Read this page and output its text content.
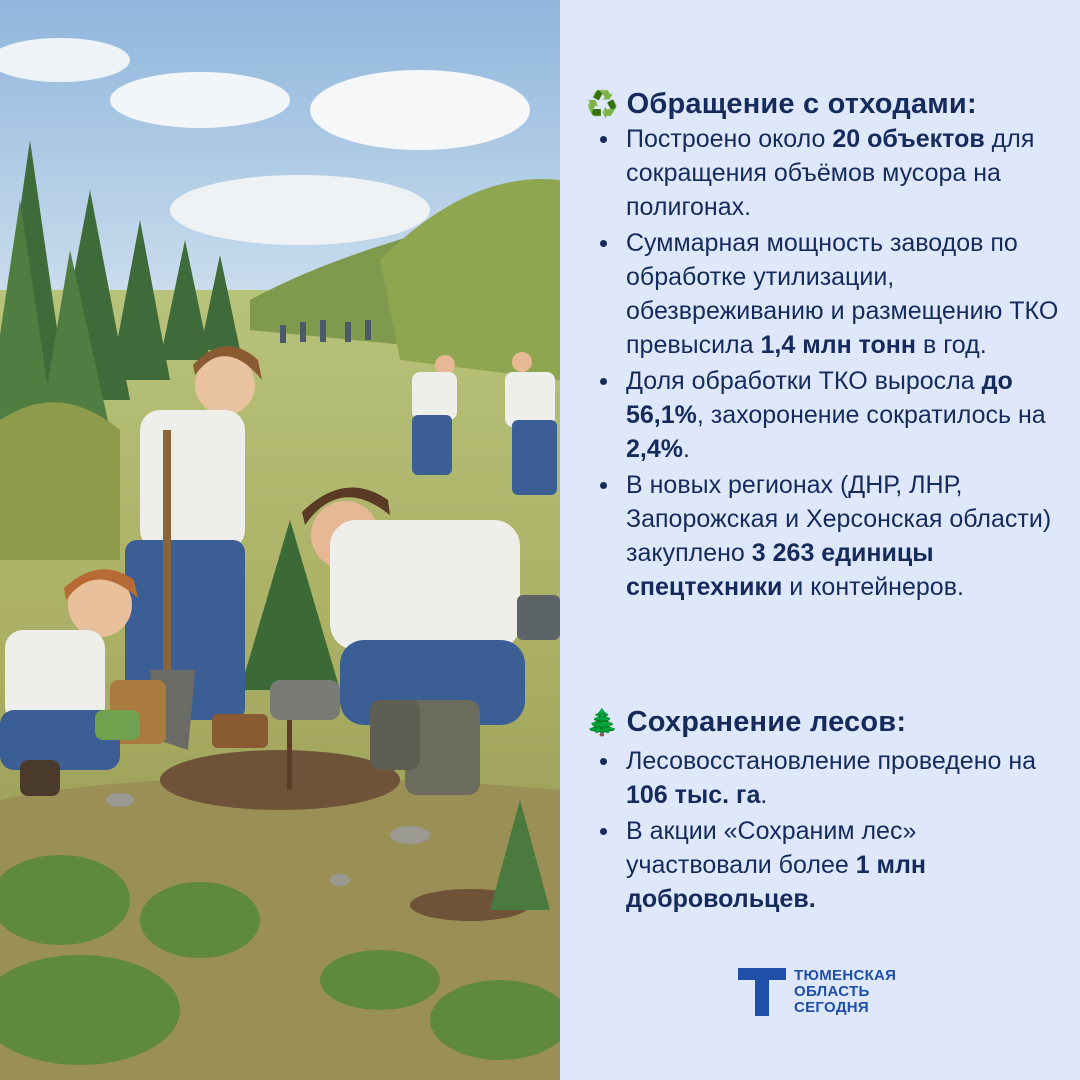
♻️ Обращение с отходами:
Построено около 20 объектов для сокращения объёмов мусора на полигонах.
Суммарная мощность заводов по обработке утилизации, обезвреживанию и размещению ТКО превысила 1,4 млн тонн в год.
Доля обработки ТКО выросла до 56,1%, захоронение сократилось на 2,4%.
В новых регионах (ДНР, ЛНР, Запорожская и Херсонская области) закуплено 3 263 единицы спецтехники и контейнеров.
🌲 Сохранение лесов:
Лесовосстановление проведено на 106 тыс. га.
В акции «Сохраним лес» участвовали более 1 млн добровольцев.
ТЮМЕНСКАЯ
ОБЛАСТЬ
СЕГОДНЯ
